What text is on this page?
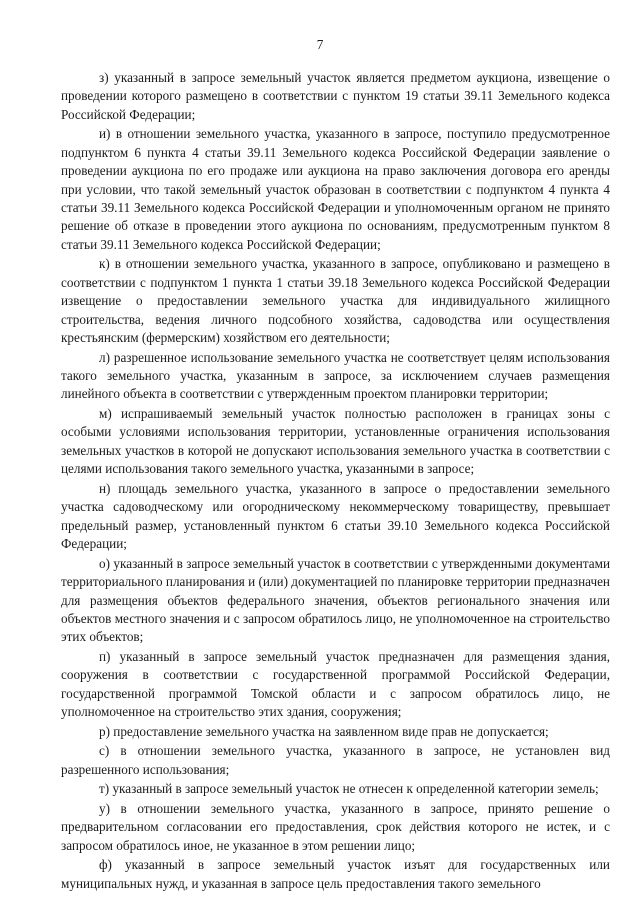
7

з) указанный в запросе земельный участок является предметом аукциона, извещение о проведении которого размещено в соответствии с пунктом 19 статьи 39.11 Земельного кодекса Российской Федерации;

и) в отношении земельного участка, указанного в запросе, поступило предусмотренное подпунктом 6 пункта 4 статьи 39.11 Земельного кодекса Российской Федерации заявление о проведении аукциона по его продаже или аукциона на право заключения договора его аренды при условии, что такой земельный участок образован в соответствии с подпунктом 4 пункта 4 статьи 39.11 Земельного кодекса Российской Федерации и уполномоченным органом не принято решение об отказе в проведении этого аукциона по основаниям, предусмотренным пунктом 8 статьи 39.11 Земельного кодекса Российской Федерации;

к) в отношении земельного участка, указанного в запросе, опубликовано и размещено в соответствии с подпунктом 1 пункта 1 статьи 39.18 Земельного кодекса Российской Федерации извещение о предоставлении земельного участка для индивидуального жилищного строительства, ведения личного подсобного хозяйства, садоводства или осуществления крестьянским (фермерским) хозяйством его деятельности;

л) разрешенное использование земельного участка не соответствует целям использования такого земельного участка, указанным в запросе, за исключением случаев размещения линейного объекта в соответствии с утвержденным проектом планировки территории;

м) испрашиваемый земельный участок полностью расположен в границах зоны с особыми условиями использования территории, установленные ограничения использования земельных участков в которой не допускают использования земельного участка в соответствии с целями использования такого земельного участка, указанными в запросе;

н) площадь земельного участка, указанного в запросе о предоставлении земельного участка садоводческому или огородническому некоммерческому товариществу, превышает предельный размер, установленный пунктом 6 статьи 39.10 Земельного кодекса Российской Федерации;

о) указанный в запросе земельный участок в соответствии с утвержденными документами территориального планирования и (или) документацией по планировке территории предназначен для размещения объектов федерального значения, объектов регионального значения или объектов местного значения и с запросом обратилось лицо, не уполномоченное на строительство этих объектов;

п) указанный в запросе земельный участок предназначен для размещения здания, сооружения в соответствии с государственной программой Российской Федерации, государственной программой Томской области и с запросом обратилось лицо, не уполномоченное на строительство этих здания, сооружения;

р) предоставление земельного участка на заявленном виде прав не допускается;

с) в отношении земельного участка, указанного в запросе, не установлен вид разрешенного использования;

т) указанный в запросе земельный участок не отнесен к определенной категории земель;

у) в отношении земельного участка, указанного в запросе, принято решение о предварительном согласовании его предоставления, срок действия которого не истек, и с запросом обратилось иное, не указанное в этом решении лицо;

ф) указанный в запросе земельный участок изъят для государственных или муниципальных нужд, и указанная в запросе цель предоставления такого земельного
